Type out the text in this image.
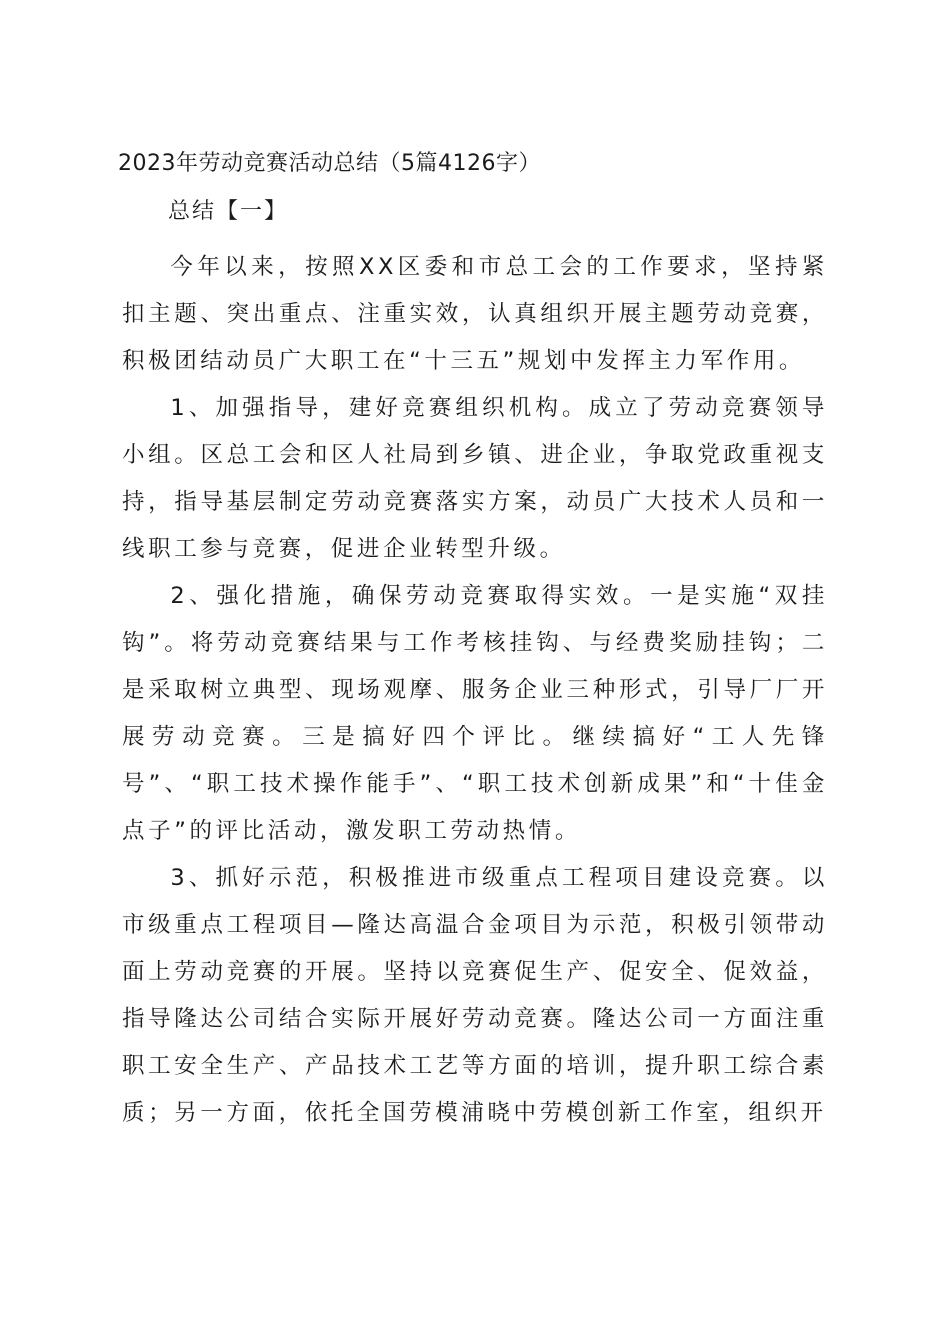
2023年劳动竞赛活动总结（5篇4126字）
总结【一】

今年以来，按照XX区委和市总工会的工作要求，坚持紧扣主题、突出重点、注重实效，认真组织开展主题劳动竞赛，积极团结动员广大职工在“十三五”规划中发挥主力军作用。

1、加强指导，建好竞赛组织机构。成立了劳动竞赛领导小组。区总工会和区人社局到乡镇、进企业，争取党政重视支持，指导基层制定劳动竞赛落实方案，动员广大技术人员和一线职工参与竞赛，促进企业转型升级。

2、强化措施，确保劳动竞赛取得实效。一是实施“双挂钩”。将劳动竞赛结果与工作考核挂钩、与经费奖励挂钩；二是采取树立典型、现场观摩、服务企业三种形式，引导厂厂开展劳动竞赛。三是搞好四个评比。继续搞好“工人先锋号”、“职工技术操作能手”、“职工技术创新成果”和“十佳金点子”的评比活动，激发职工劳动热情。

3、抓好示范，积极推进市级重点工程项目建设竞赛。以市级重点工程项目—隆达高温合金项目为示范，积极引领带动面上劳动竞赛的开展。坚持以竞赛促生产、促安全、促效益，指导隆达公司结合实际开展好劳动竞赛。隆达公司一方面注重职工安全生产、产品技术工艺等方面的培训，提升职工综合素质；另一方面，依托全国劳模浦晓中劳模创新工作室，组织开
